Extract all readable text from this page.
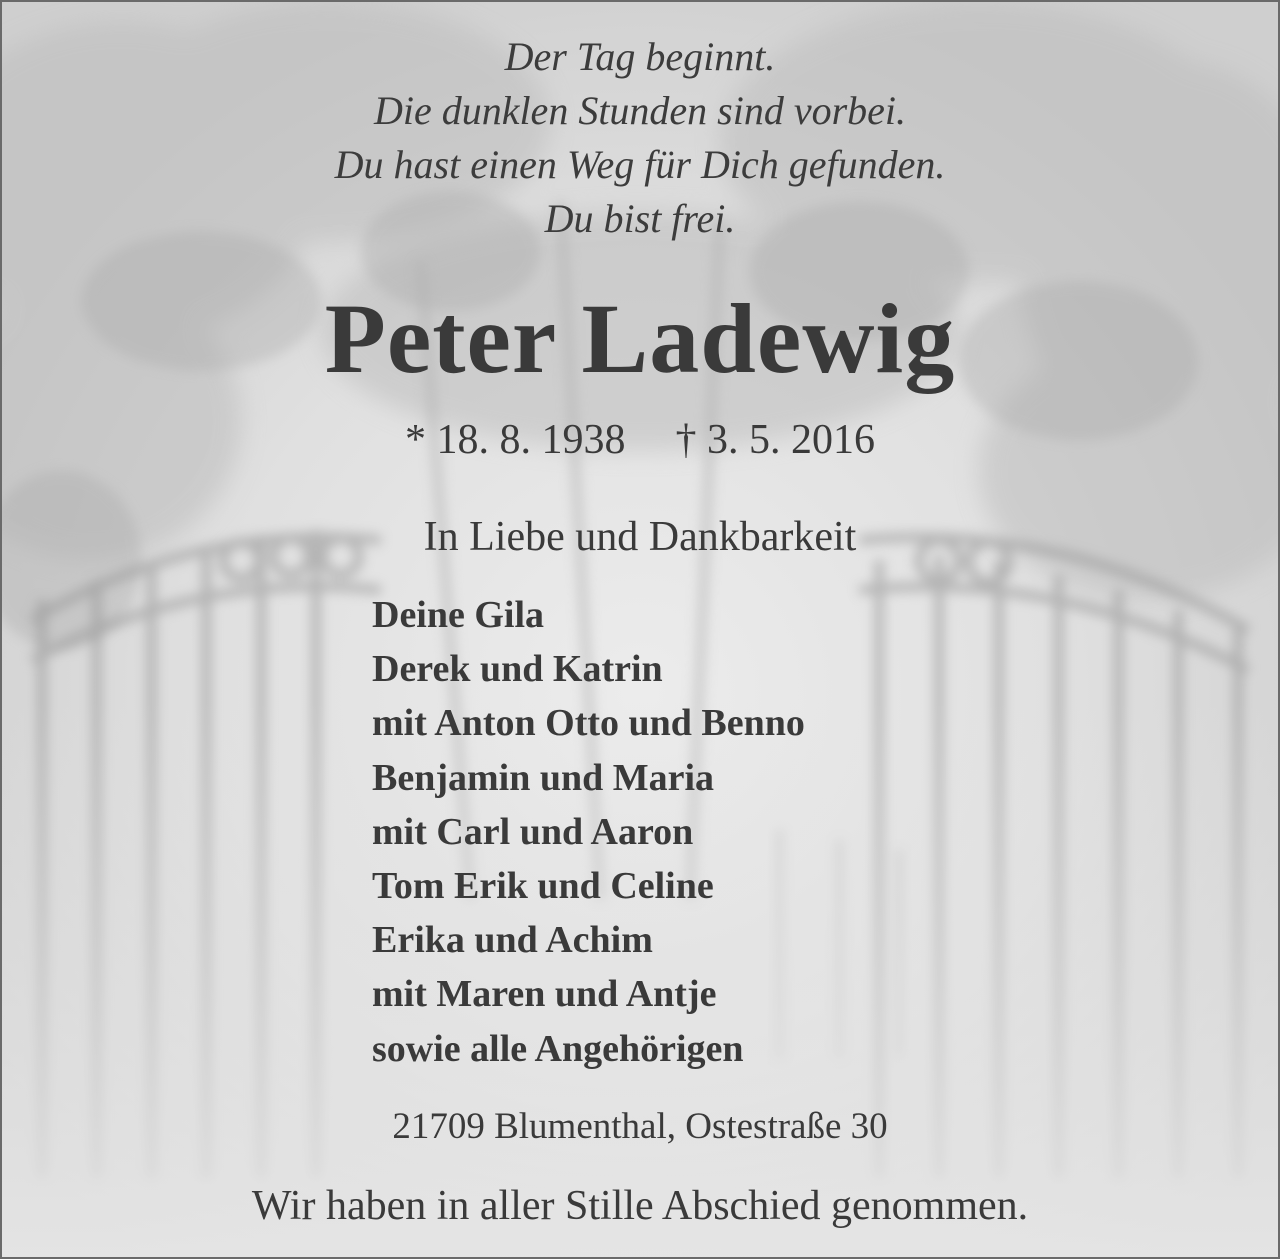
Der Tag beginnt.
Die dunklen Stunden sind vorbei.
Du hast einen Weg für Dich gefunden.
Du bist frei.
Peter Ladewig
* 18. 8. 1938 † 3. 5. 2016
In Liebe und Dankbarkeit
Deine Gila
Derek und Katrin
mit Anton Otto und Benno
Benjamin und Maria
mit Carl und Aaron
Tom Erik und Celine
Erika und Achim
mit Maren und Antje
sowie alle Angehörigen
21709 Blumenthal, Ostestraße 30
Wir haben in aller Stille Abschied genommen.
